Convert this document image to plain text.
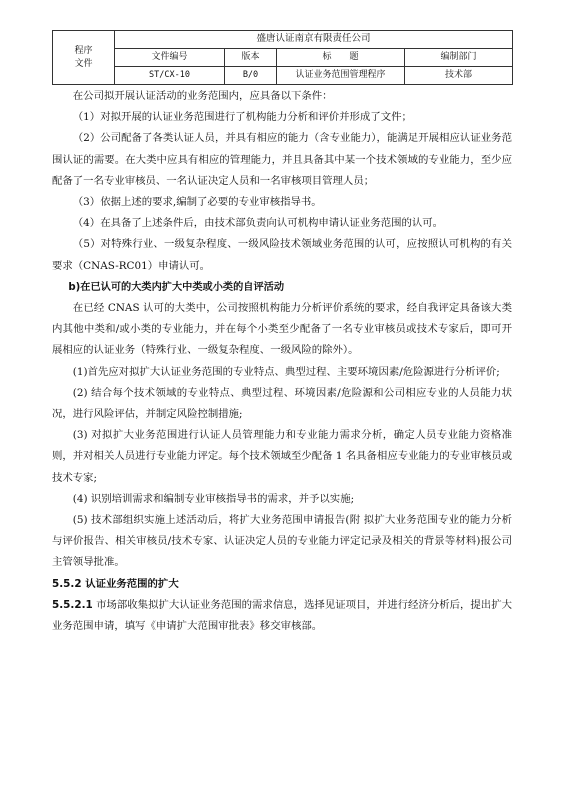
程序
文件	盛唐认证南京有限责任公司			
	文件编号	版本	标　　题	编制部门
	ST/CX-10	B/0	认证业务范围管理程序	技术部

在公司拟开展认证活动的业务范围内，应具备以下条件：

（1）对拟开展的认证业务范围进行了机构能力分析和评价并形成了文件；

（2）公司配备了各类认证人员，并具有相应的能力（含专业能力），能满足开展相应认证业务范围认证的需要。在大类中应具有相应的管理能力，并且具备其中某一个技术领域的专业能力，至少应配备了一名专业审核员、一名认证决定人员和一名审核项目管理人员；

（3）依据上述的要求,编制了必要的专业审核指导书。

（4）在具备了上述条件后，由技术部负责向认可机构申请认证业务范围的认可。

（5）对特殊行业、一级复杂程度、一级风险技术领域业务范围的认可，应按照认可机构的有关要求（CNAS-RC01）申请认可。

b)在已认可的大类内扩大中类或小类的自评活动

在已经 CNAS 认可的大类中，公司按照机构能力分析评价系统的要求，经自我评定具备该大类内其他中类和/或小类的专业能力，并在每个小类至少配备了一名专业审核员或技术专家后，即可开展相应的认证业务（特殊行业、一级复杂程度、一级风险的除外）。

(1)首先应对拟扩大认证业务范围的专业特点、典型过程、主要环境因素/危险源进行分析评价;

(2) 结合每个技术领域的专业特点、典型过程、环境因素/危险源和公司相应专业的人员能力状况，进行风险评估，并制定风险控制措施;

(3) 对拟扩大业务范围进行认证人员管理能力和专业能力需求分析，确定人员专业能力资格准则，并对相关人员进行专业能力评定。每个技术领域至少配备 1 名具备相应专业能力的专业审核员或技术专家;

(4) 识别培训需求和编制专业审核指导书的需求，并予以实施;

(5) 技术部组织实施上述活动后，将扩大业务范围申请报告(附 拟扩大业务范围专业的能力分析与评价报告、相关审核员/技术专家、认证决定人员的专业能力评定记录及相关的背景等材料)报公司主管领导批准。

5.5.2 认证业务范围的扩大

5.5.2.1 市场部收集拟扩大认证业务范围的需求信息，选择见证项目，并进行经济分析后，提出扩大业务范围申请，填写《申请扩大范围审批表》移交审核部。
